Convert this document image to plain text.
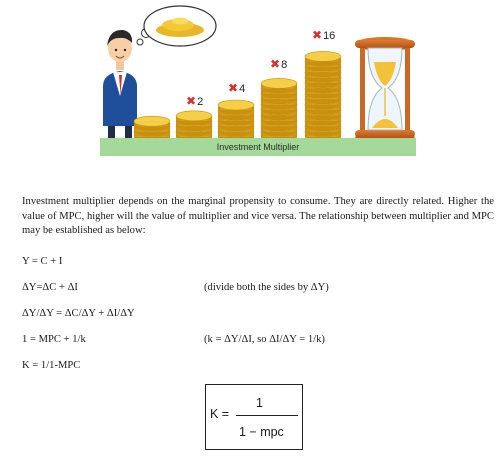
Investment Multiplier
✖2
✖4
✖8
✖16
Investment multiplier depends on the marginal propensity to consume. They are directly related. Higher the value of MPC, higher will the value of multiplier and vice versa. The relationship between multiplier and MPC may be established as below:
Y = C + I
ΔY=ΔC + ΔI	(divide both the sides by ΔY)
ΔY/ΔY = ΔC/ΔY + ΔI/ΔY
1 = MPC + 1/k	(k = ΔY/ΔI, so ΔI/ΔY = 1/k)
K = 1/1-MPC
K =
1
1 − mpc
